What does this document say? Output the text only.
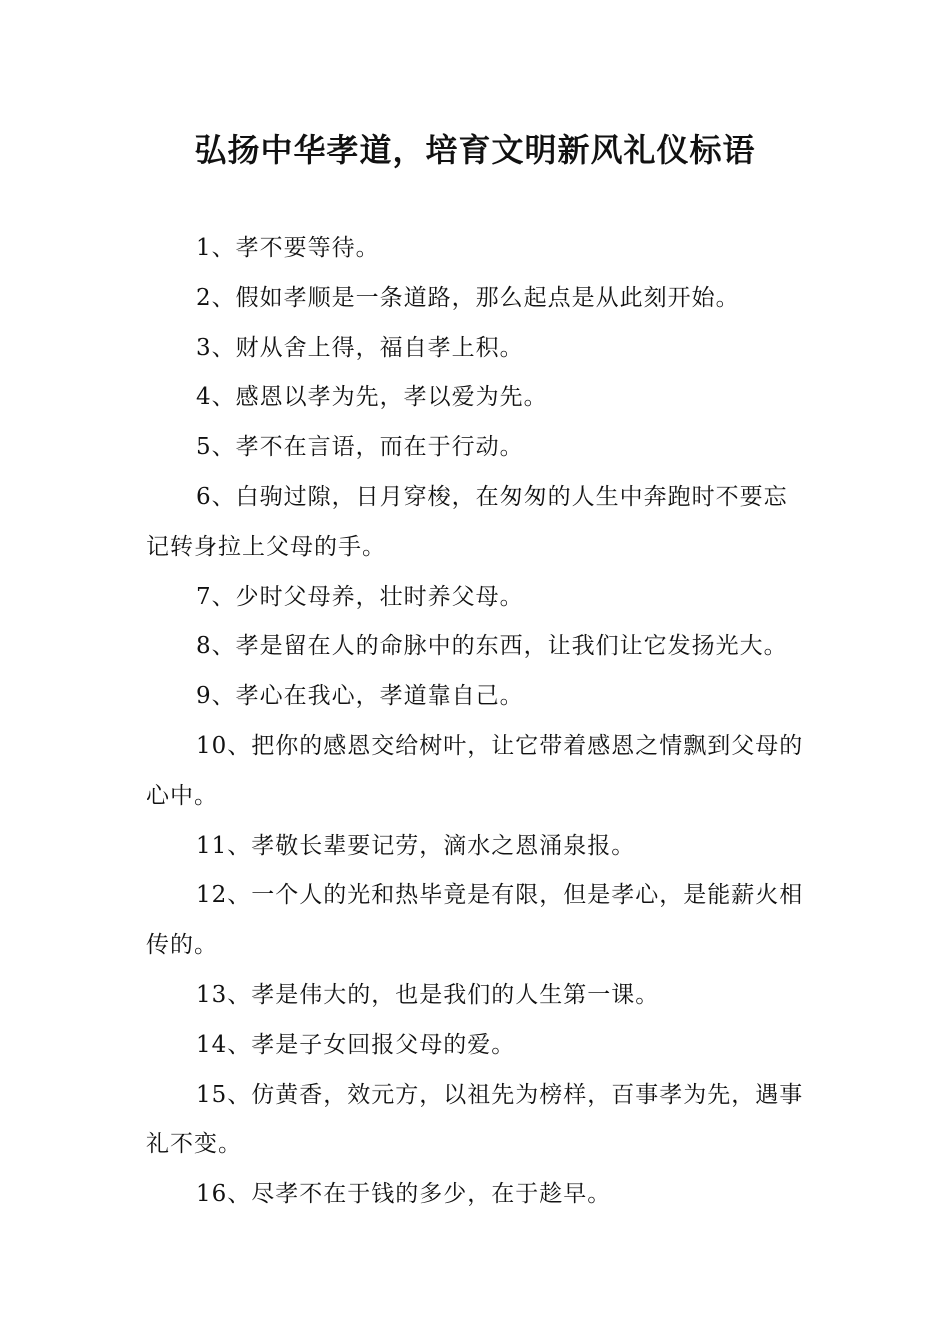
弘扬中华孝道，培育文明新风礼仪标语

1、孝不要等待。

2、假如孝顺是一条道路，那么起点是从此刻开始。

3、财从舍上得，福自孝上积。

4、感恩以孝为先，孝以爱为先。

5、孝不在言语，而在于行动。

6、白驹过隙，日月穿梭，在匆匆的人生中奔跑时不要忘记转身拉上父母的手。

7、少时父母养，壮时养父母。

8、孝是留在人的命脉中的东西，让我们让它发扬光大。

9、孝心在我心，孝道靠自己。

10、把你的感恩交给树叶，让它带着感恩之情飘到父母的心中。

11、孝敬长辈要记劳，滴水之恩涌泉报。

12、一个人的光和热毕竟是有限，但是孝心，是能薪火相传的。

13、孝是伟大的，也是我们的人生第一课。

14、孝是子女回报父母的爱。

15、仿黄香，效元方，以祖先为榜样，百事孝为先，遇事礼不变。

16、尽孝不在于钱的多少，在于趁早。
